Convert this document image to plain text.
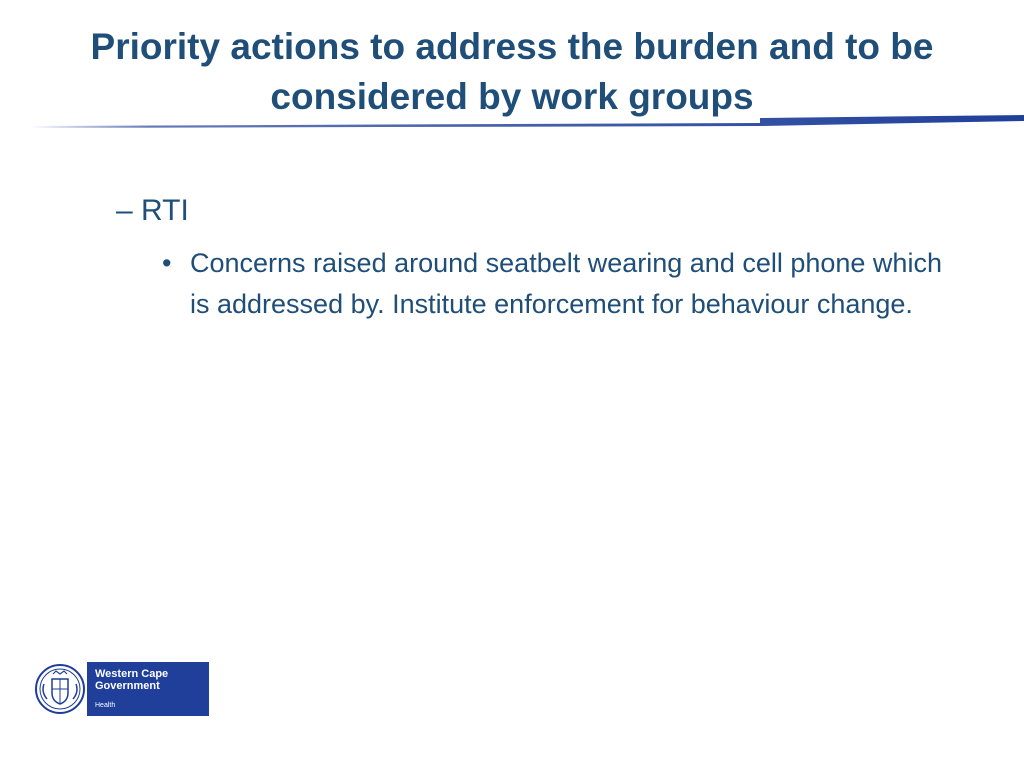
Priority actions to address the burden and to be
considered by work groups
– RTI
• Concerns raised around seatbelt wearing and cell phone which is addressed by. Institute enforcement for behaviour change.
Western Cape
Government
Health
